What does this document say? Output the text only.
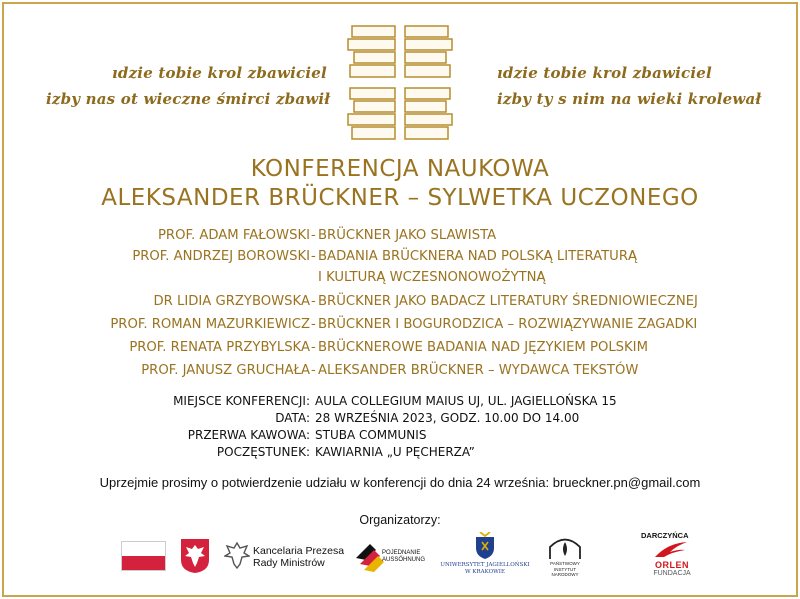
ıdzie tobie krol zbawiciel
izby nas ot wieczne śmirci zbawił
ıdzie tobie krol zbawiciel
izby ty s nim na wieki krolewał
KONFERENCJA NAUKOWA
ALEKSANDER BRÜCKNER – SYLWETKA UCZONEGO
PROF. ADAM FAŁOWSKI - BRÜCKNER JAKO SLAWISTA
PROF. ANDRZEJ BOROWSKI - BADANIA BRÜCKNERA NAD POLSKĄ LITERATURĄ
I KULTURĄ WCZESNONOWOŻYTNĄ
DR LIDIA GRZYBOWSKA - BRÜCKNER JAKO BADACZ LITERATURY ŚREDNIOWIECZNEJ
PROF. ROMAN MAZURKIEWICZ - BRÜCKNER I BOGURODZICA – ROZWIĄZYWANIE ZAGADKI
PROF. RENATA PRZYBYLSKA - BRÜCKNEROWE BADANIA NAD JĘZYKIEM POLSKIM
PROF. JANUSZ GRUCHAŁA - ALEKSANDER BRÜCKNER – WYDAWCA TEKSTÓW
MIEJSCE KONFERENCJI: AULA COLLEGIUM MAIUS UJ, UL. JAGIELLOŃSKA 15
DATA: 28 WRZEŚNIA 2023, GODZ. 10.00 DO 14.00
PRZERWA KAWOWA: STUBA COMMUNIS
POCZĘSTUNEK: KAWIARNIA „U PĘCHERZA”
Uprzejmie prosimy o potwierdzenie udziału w konferencji do dnia 24 września: brueckner.pn@gmail.com
Organizatorzy:
Kancelaria Prezesa
Rady Ministrów
POJEDNANIE
AUSSÖHNUNG
UNIWERSYTET JAGIELLOŃSKI
W KRAKOWIE
PAŃSTWOWY
INSTYTUT
NARODOWY
DARCZYŃCA
ORLEN
FUNDACJA
